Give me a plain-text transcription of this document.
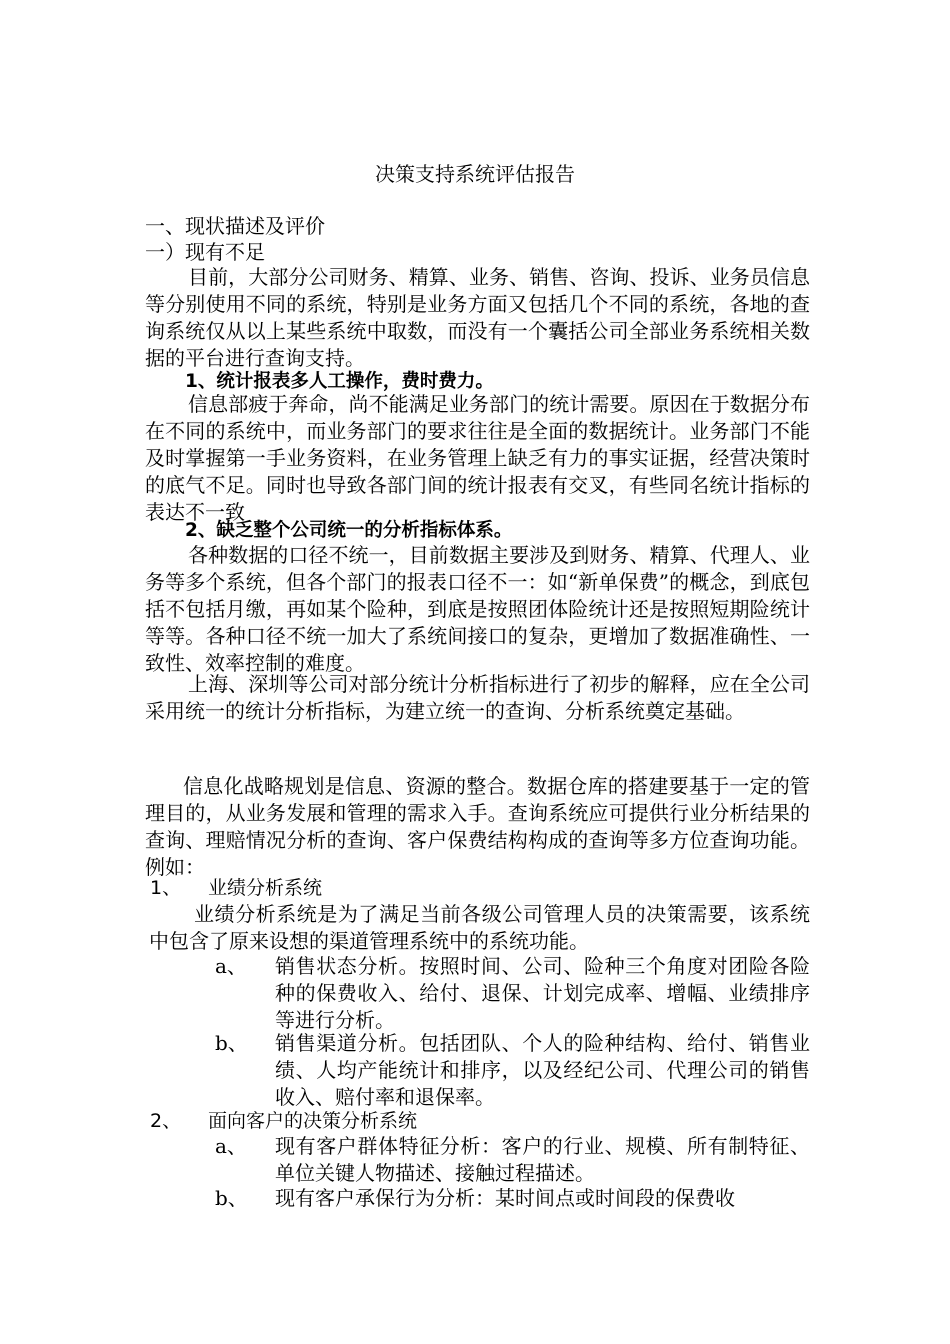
决策支持系统评估报告
一、现状描述及评价
一）现有不足

目前，大部分公司财务、精算、业务、销售、咨询、投诉、业务员信息等分别使用不同的系统，特别是业务方面又包括几个不同的系统，各地的查询系统仅从以上某些系统中取数，而没有一个囊括公司全部业务系统相关数据的平台进行查询支持。

1、统计报表多人工操作，费时费力。

信息部疲于奔命，尚不能满足业务部门的统计需要。原因在于数据分布在不同的系统中，而业务部门的要求往往是全面的数据统计。业务部门不能及时掌握第一手业务资料，在业务管理上缺乏有力的事实证据，经营决策时的底气不足。同时也导致各部门间的统计报表有交叉，有些同名统计指标的表达不一致

2、缺乏整个公司统一的分析指标体系。

各种数据的口径不统一，目前数据主要涉及到财务、精算、代理人、业务等多个系统，但各个部门的报表口径不一：如“新单保费”的概念，到底包括不包括月缴，再如某个险种，到底是按照团体险统计还是按照短期险统计等等。各种口径不统一加大了系统间接口的复杂，更增加了数据准确性、一致性、效率控制的难度。

上海、深圳等公司对部分统计分析指标进行了初步的解释，应在全公司采用统一的统计分析指标，为建立统一的查询、分析系统奠定基础。

信息化战略规划是信息、资源的整合。数据仓库的搭建要基于一定的管理目的，从业务发展和管理的需求入手。查询系统应可提供行业分析结果的查询、理赔情况分析的查询、客户保费结构构成的查询等多方位查询功能。例如：

1、 业绩分析系统

业绩分析系统是为了满足当前各级公司管理人员的决策需要，该系统中包含了原来设想的渠道管理系统中的系统功能。

a、 销售状态分析。按照时间、公司、险种三个角度对团险各险种的保费收入、给付、退保、计划完成率、增幅、业绩排序等进行分析。

b、 销售渠道分析。包括团队、个人的险种结构、给付、销售业绩、人均产能统计和排序，以及经纪公司、代理公司的销售收入、赔付率和退保率。

2、 面向客户的决策分析系统
a、 现有客户群体特征分析：客户的行业、规模、所有制特征、单位关键人物描述、接触过程描述。

b、 现有客户承保行为分析：某时间点或时间段的保费收
